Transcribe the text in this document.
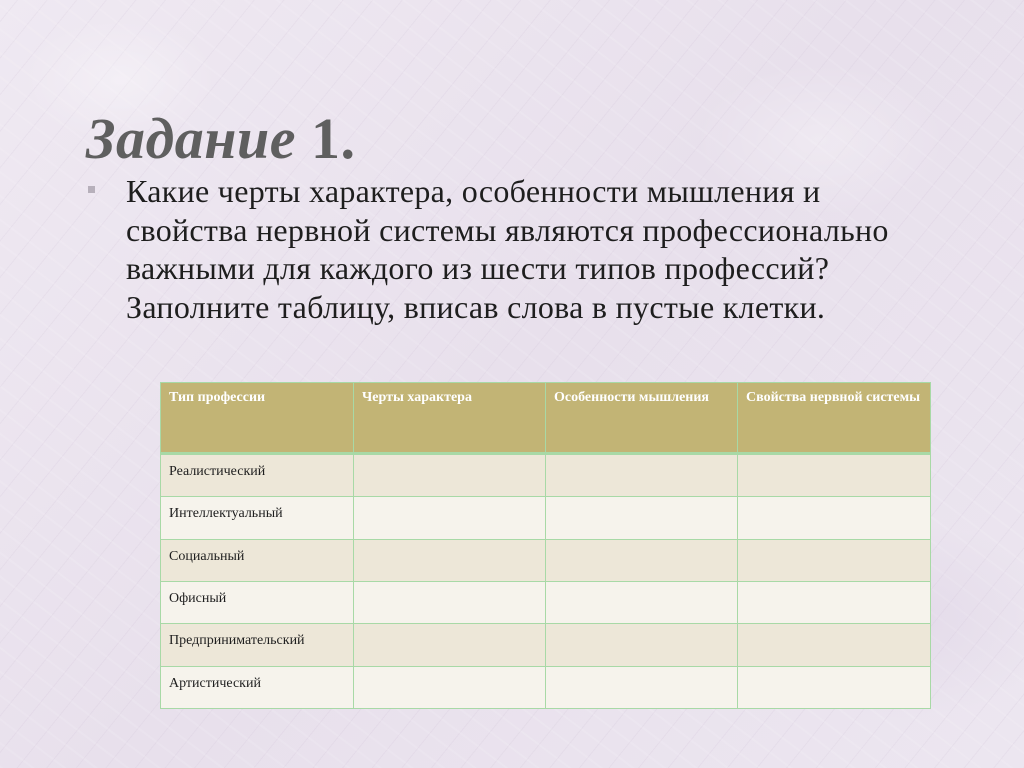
Задание 1.

Какие черты характера, особенности мышления и свойства нервной системы являются профессионально важными для каждого из шести типов профессий? Заполните таблицу, вписав слова в пустые клетки.

Тип профессии	Черты характера	Особенности мышления	Свойства нервной системы
Реалистический			
Интеллектуальный			
Социальный			
Офисный			
Предпринимательский			
Артистический			
